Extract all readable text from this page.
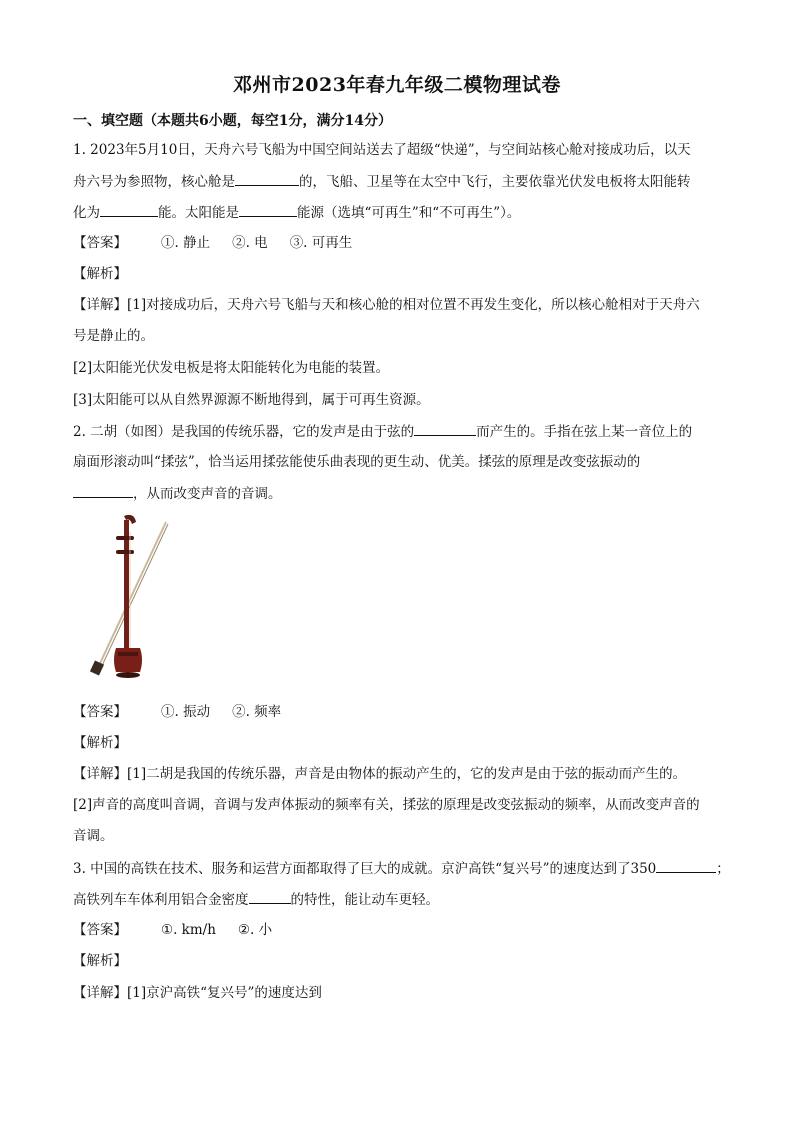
邓州市2023年春九年级二模物理试卷
一、填空题（本题共6小题，每空1分，满分14分）
1. 2023年5月10日，天舟六号飞船为中国空间站送去了超级“快递”，与空间站核心舱对接成功后，以天
舟六号为参照物，核心舱是	的，飞船、卫星等在太空中飞行，主要依靠光伏发电板将太阳能转
化为	能。太阳能是	能源（选填“可再生”和“不可再生”）。
【答案】	①. 静止 ②. 电 ③. 可再生
【解析】
【详解】[1]对接成功后，天舟六号飞船与天和核心舱的相对位置不再发生变化，所以核心舱相对于天舟六
号是静止的。
[2]太阳能光伏发电板是将太阳能转化为电能的装置。
[3]太阳能可以从自然界源源不断地得到，属于可再生资源。
2. 二胡（如图）是我国的传统乐器，它的发声是由于弦的	而产生的。手指在弦上某一音位上的
扇面形滚动叫“揉弦”，恰当运用揉弦能使乐曲表现的更生动、优美。揉弦的原理是改变弦振动的
，从而改变声音的音调。
【答案】	①. 振动 ②. 频率
【解析】
【详解】[1]二胡是我国的传统乐器，声音是由物体的振动产生的，它的发声是由于弦的振动而产生的。
[2]声音的高度叫音调，音调与发声体振动的频率有关，揉弦的原理是改变弦振动的频率，从而改变声音的
音调。
3. 中国的高铁在技术、服务和运营方面都取得了巨大的成就。京沪高铁“复兴号”的速度达到了350	；
高铁列车车体利用铝合金密度	的特性，能让动车更轻。
【答案】	①. km/h ②. 小
【解析】
【详解】[1]京沪高铁“复兴号”的速度达到
